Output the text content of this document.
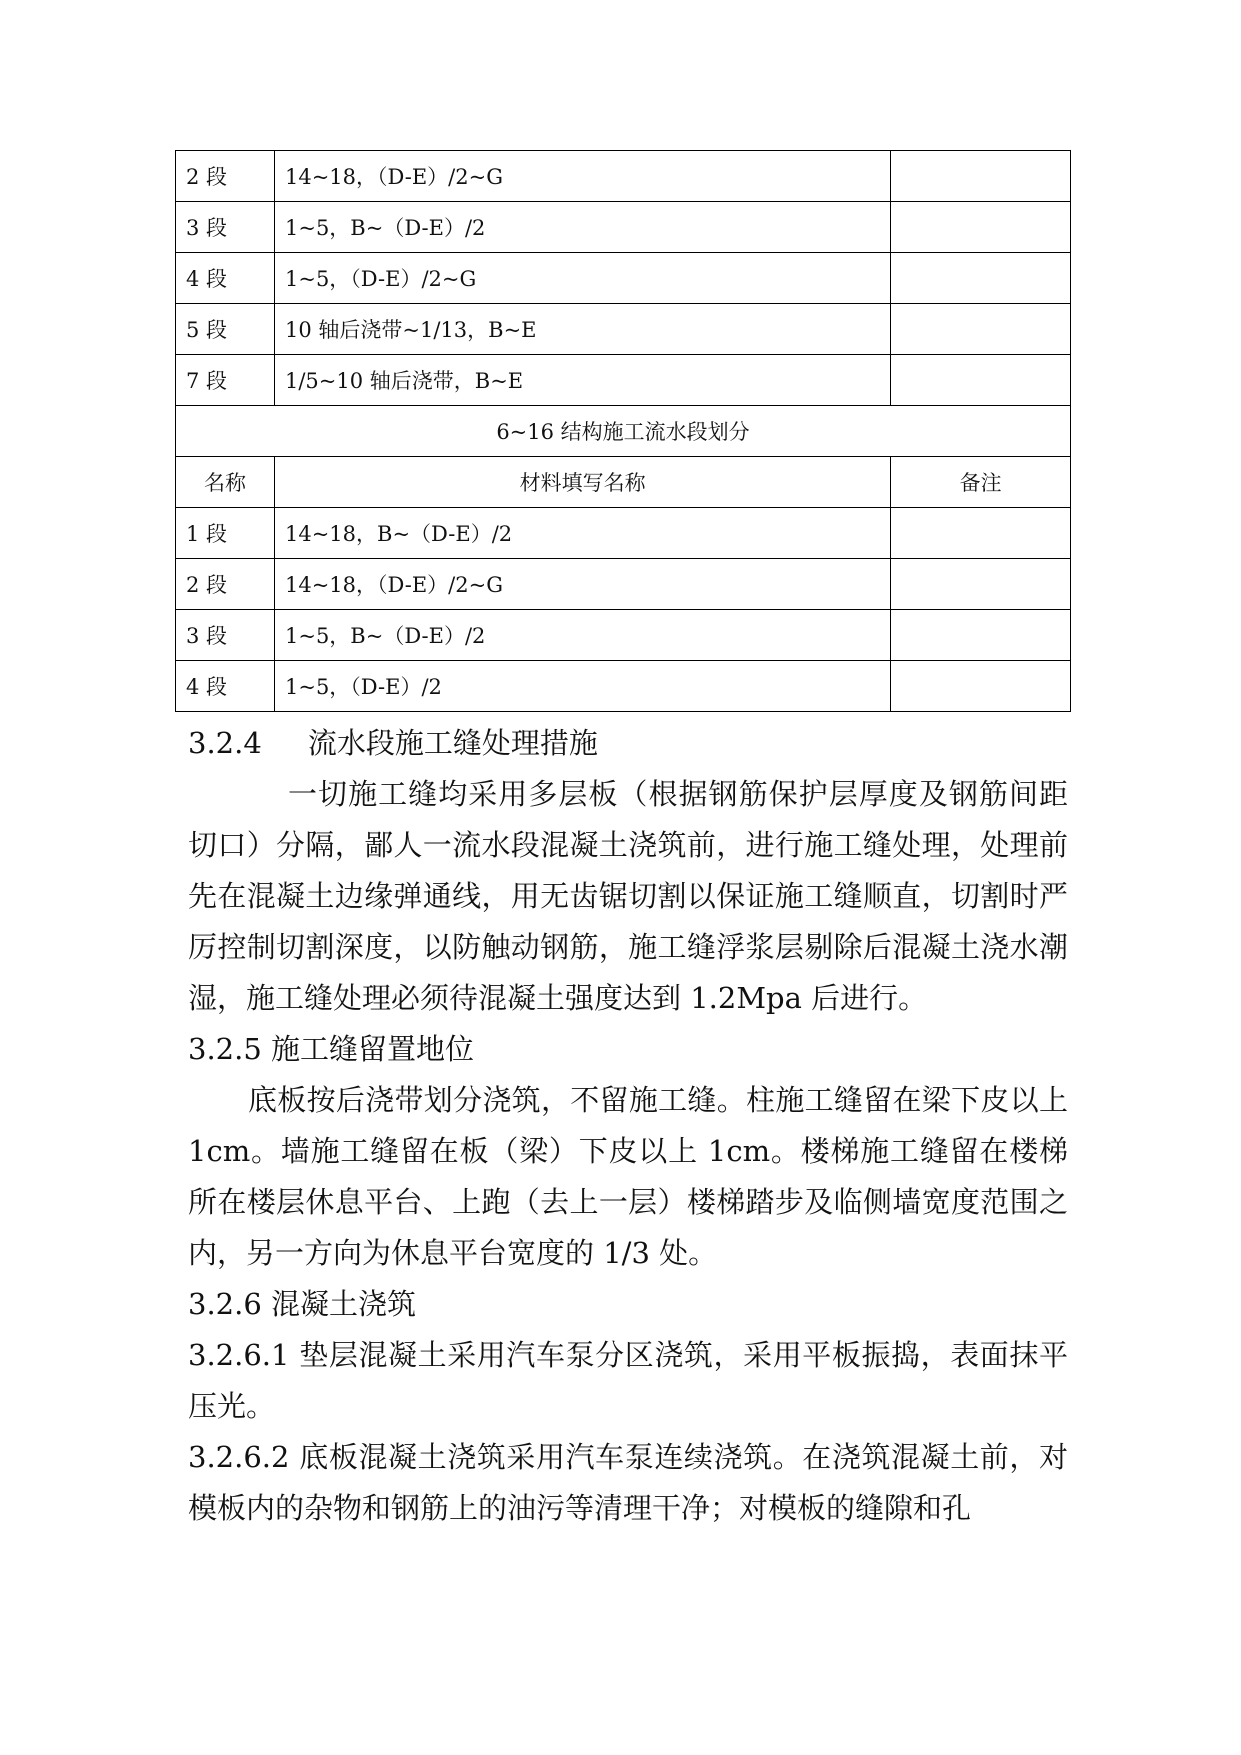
2 段	14~18，（D-E）/2~G	
3 段	1~5，B~（D-E）/2	
4 段	1~5，（D-E）/2~G	
5 段	10 轴后浇带~1/13，B~E	
7 段	1/5~10 轴后浇带，B~E	
6~16 结构施工流水段划分		
名称	材料填写名称	备注
1 段	14~18，B~（D-E）/2	
2 段	14~18，（D-E）/2~G	
3 段	1~5，B~（D-E）/2	
4 段	1~5，（D-E）/2	

3.2.4     流水段施工缝处理措施

一切施工缝均采用多层板（根据钢筋保护层厚度及钢筋间距切口）分隔，鄙人一流水段混凝土浇筑前，进行施工缝处理，处理前先在混凝土边缘弹通线，用无齿锯切割以保证施工缝顺直，切割时严厉控制切割深度，以防触动钢筋，施工缝浮浆层剔除后混凝土浇水潮湿，施工缝处理必须待混凝土强度达到 1.2Mpa 后进行。

3.2.5 施工缝留置地位

底板按后浇带划分浇筑，不留施工缝。柱施工缝留在梁下皮以上 1cm。墙施工缝留在板（梁）下皮以上 1cm。楼梯施工缝留在楼梯所在楼层休息平台、上跑（去上一层）楼梯踏步及临侧墙宽度范围之内，另一方向为休息平台宽度的 1/3 处。

3.2.6 混凝土浇筑

3.2.6.1 垫层混凝土采用汽车泵分区浇筑，采用平板振捣，表面抹平压光。

3.2.6.2 底板混凝土浇筑采用汽车泵连续浇筑。在浇筑混凝土前，对模板内的杂物和钢筋上的油污等清理干净；对模板的缝隙和孔
